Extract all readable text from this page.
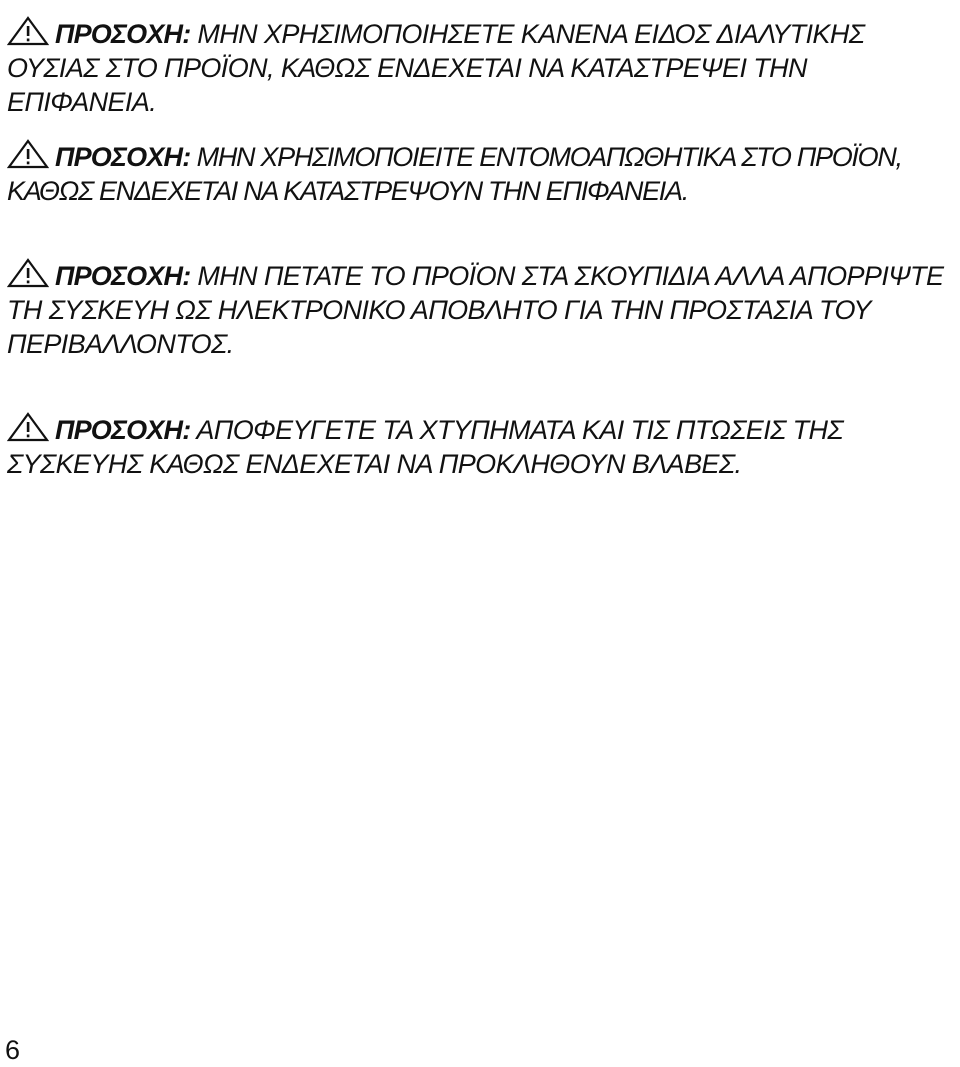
ΠΡΟΣΟΧΗ: ΜΗΝ ΧΡΗΣΙΜΟΠΟΙΗΣΕΤΕ ΚΑΝΕΝΑ ΕΙΔΟΣ ΔΙΑΛΥΤΙΚΗΣ ΟΥΣΙΑΣ ΣΤΟ ΠΡΟΪΟΝ, ΚΑΘΩΣ ΕΝΔΕΧΕΤΑΙ ΝΑ ΚΑΤΑΣΤΡΕΨΕΙ ΤΗΝ ΕΠΙΦΑΝΕΙΑ.

ΠΡΟΣΟΧΗ: ΜΗΝ ΧΡΗΣΙΜΟΠΟΙΕΙΤΕ ΕΝΤΟΜΟΑΠΩΘΗΤΙΚΑ ΣΤΟ ΠΡΟΪΟΝ, ΚΑΘΩΣ ΕΝΔΕΧΕΤΑΙ ΝΑ ΚΑΤΑΣΤΡΕΨΟΥΝ ΤΗΝ ΕΠΙΦΑΝΕΙΑ.

ΠΡΟΣΟΧΗ: ΜΗΝ ΠΕΤΑΤΕ ΤΟ ΠΡΟΪΟΝ ΣΤΑ ΣΚΟΥΠΙΔΙΑ ΑΛΛΑ ΑΠΟΡΡΙΨΤΕ ΤΗ ΣΥΣΚΕΥΗ ΩΣ ΗΛΕΚΤΡΟΝΙΚΟ ΑΠΟΒΛΗΤΟ ΓΙΑ ΤΗΝ ΠΡΟΣΤΑΣΙΑ ΤΟΥ ΠΕΡΙΒΑΛΛΟΝΤΟΣ.

ΠΡΟΣΟΧΗ: ΑΠΟΦΕΥΓΕΤΕ ΤΑ ΧΤΥΠΗΜΑΤΑ ΚΑΙ ΤΙΣ ΠΤΩΣΕΙΣ ΤΗΣ ΣΥΣΚΕΥΗΣ ΚΑΘΩΣ ΕΝΔΕΧΕΤΑΙ ΝΑ ΠΡΟΚΛΗΘΟΥΝ ΒΛΑΒΕΣ.

6
